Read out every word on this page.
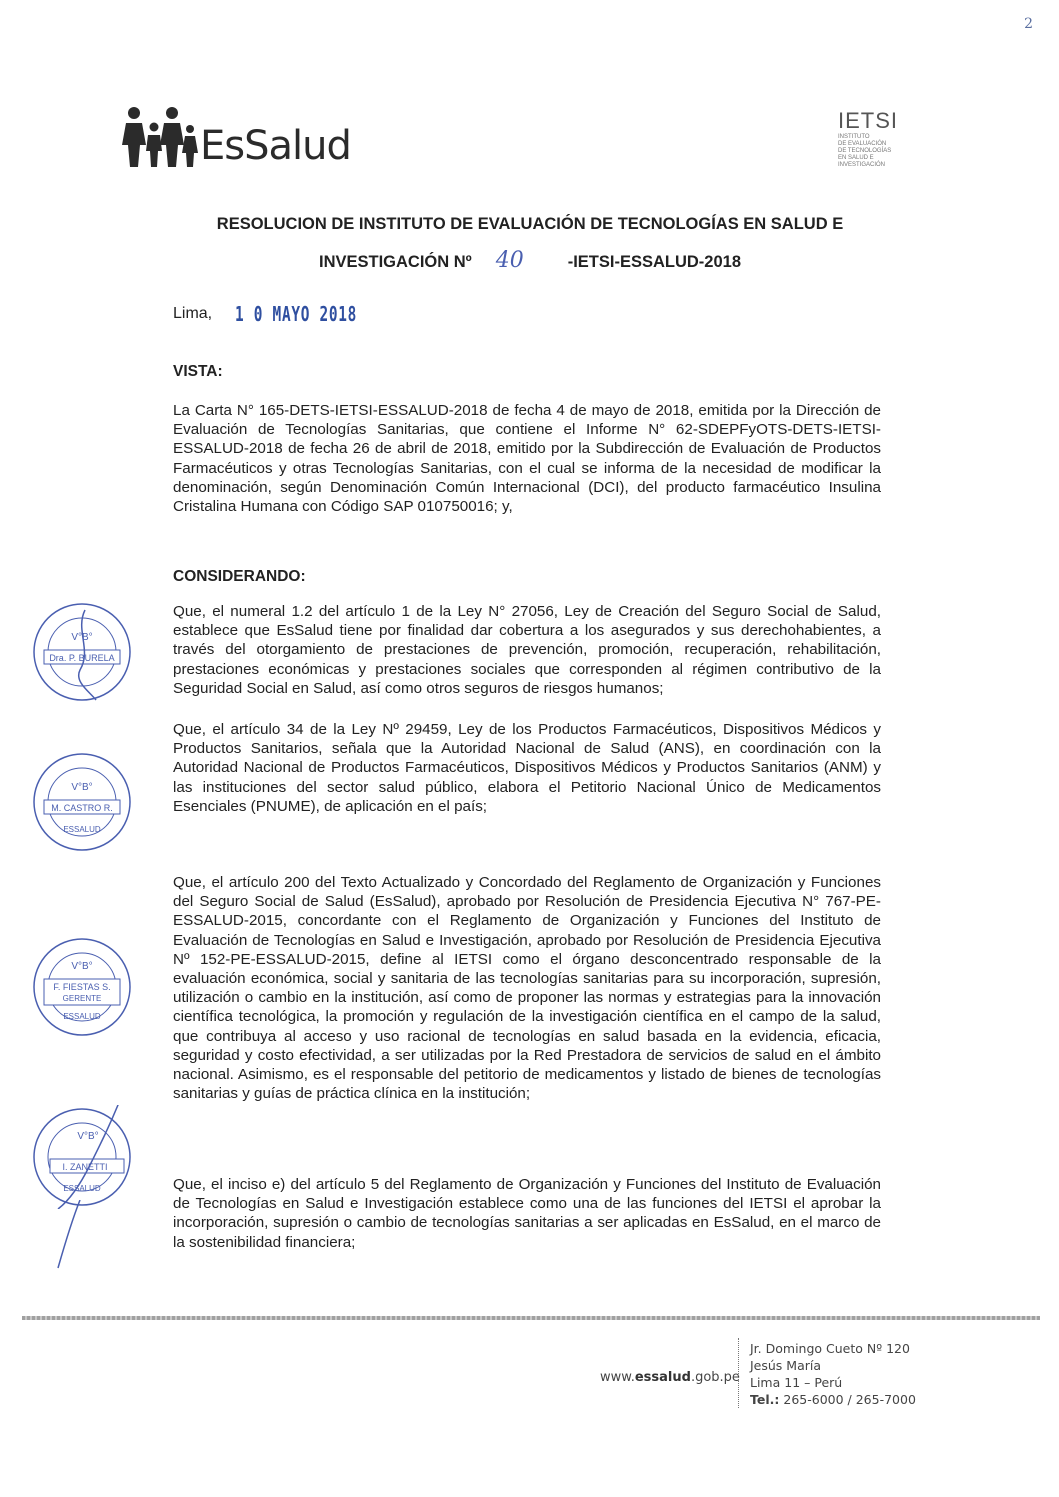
2
EsSalud
IETSI
INSTITUTO
DE EVALUACIÓN
DE TECNOLOGÍAS
EN SALUD E
INVESTIGACIÓN
RESOLUCION DE INSTITUTO DE EVALUACIÓN DE TECNOLOGÍAS EN SALUD E
INVESTIGACIÓN Nº 40	-IETSI-ESSALUD-2018
Lima, 1 0 MAYO 2018
VISTA:
La Carta N° 165-DETS-IETSI-ESSALUD-2018 de fecha 4 de mayo de 2018, emitida por la Dirección de Evaluación de Tecnologías Sanitarias, que contiene el Informe N° 62-SDEPFyOTS-DETS-IETSI-ESSALUD-2018 de fecha 26 de abril de 2018, emitido por la Subdirección de Evaluación de Productos Farmacéuticos y otras Tecnologías Sanitarias, con el cual se informa de la necesidad de modificar la denominación, según Denominación Común Internacional (DCI), del producto farmacéutico Insulina Cristalina Humana con Código SAP 010750016; y,
CONSIDERANDO:
Que, el numeral 1.2 del artículo 1 de la Ley N° 27056, Ley de Creación del Seguro Social de Salud, establece que EsSalud tiene por finalidad dar cobertura a los asegurados y sus derechohabientes, a través del otorgamiento de prestaciones de prevención, promoción, recuperación, rehabilitación, prestaciones económicas y prestaciones sociales que corresponden al régimen contributivo de la Seguridad Social en Salud, así como otros seguros de riesgos humanos;
Que, el artículo 34 de la Ley Nº 29459, Ley de los Productos Farmacéuticos, Dispositivos Médicos y Productos Sanitarios, señala que la Autoridad Nacional de Salud (ANS), en coordinación con la Autoridad Nacional de Productos Farmacéuticos, Dispositivos Médicos y Productos Sanitarios (ANM) y las instituciones del sector salud público, elabora el Petitorio Nacional Único de Medicamentos Esenciales (PNUME), de aplicación en el país;
Que, el artículo 200 del Texto Actualizado y Concordado del Reglamento de Organización y Funciones del Seguro Social de Salud (EsSalud), aprobado por Resolución de Presidencia Ejecutiva N° 767-PE-ESSALUD-2015, concordante con el Reglamento de Organización y Funciones del Instituto de Evaluación de Tecnologías en Salud e Investigación, aprobado por Resolución de Presidencia Ejecutiva Nº 152-PE-ESSALUD-2015, define al IETSI como el órgano desconcentrado responsable de la evaluación económica, social y sanitaria de las tecnologías sanitarias para su incorporación, supresión, utilización o cambio en la institución, así como de proponer las normas y estrategias para la innovación científica tecnológica, la promoción y regulación de la investigación científica en el campo de la salud, que contribuya al acceso y uso racional de tecnologías en salud basada en la evidencia, eficacia, seguridad y costo efectividad, a ser utilizadas por la Red Prestadora de servicios de salud en el ámbito nacional. Asimismo, es el responsable del petitorio de medicamentos y listado de bienes de tecnologías sanitarias y guías de práctica clínica en la institución;
Que, el inciso e) del artículo 5 del Reglamento de Organización y Funciones del Instituto de Evaluación de Tecnologías en Salud e Investigación establece como una de las funciones del IETSI el aprobar la incorporación, supresión o cambio de tecnologías sanitarias a ser aplicadas en EsSalud, en el marco de la sostenibilidad financiera;
V°B°
Dra. P. BURELA
V°B°
M. CASTRO R.
ESSALUD
V°B°
F. FIESTAS S.
GERENTE
ESSALUD
V°B°
I. ZANETTI
ESSALUD
www.essalud.gob.pe
Jr. Domingo Cueto Nº 120
Jesús María
Lima 11 – Perú
Tel.: 265-6000 / 265-7000
